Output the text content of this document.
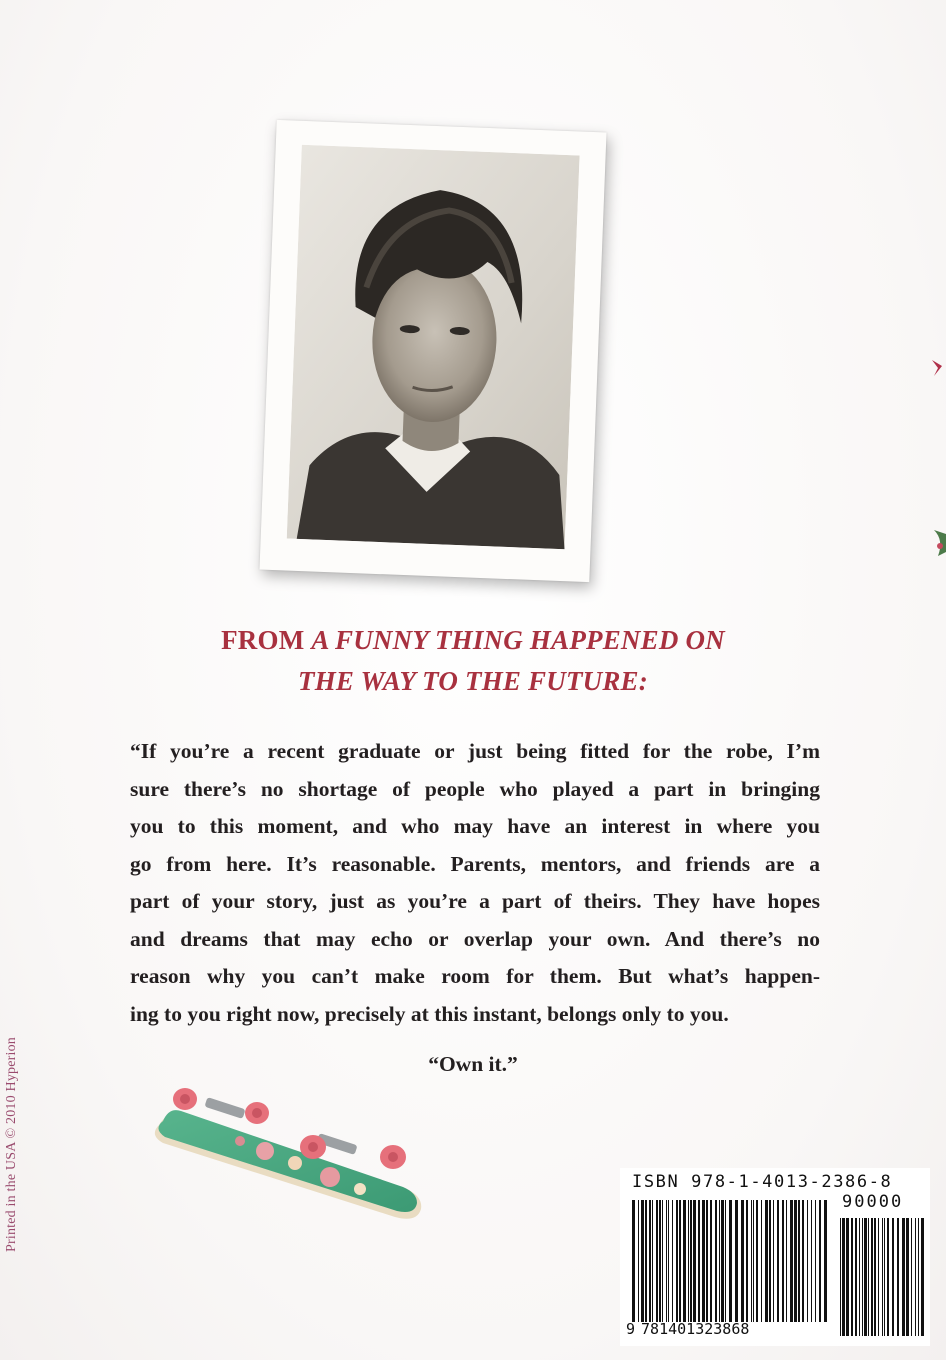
FROM A FUNNY THING HAPPENED ON
THE WAY TO THE FUTURE:
“If you’re a recent graduate or just being fitted for the robe, I’m
sure there’s no shortage of people who played a part in bringing
you to this moment, and who may have an interest in where you
go from here. It’s reasonable. Parents, mentors, and friends are a
part of your story, just as you’re a part of theirs. They have hopes
and dreams that may echo or overlap your own. And there’s no
reason why you can’t make room for them. But what’s happen-
ing to you right now, precisely at this instant, belongs only to you.
“Own it.”
Printed in the USA © 2010 Hyperion	ISBN 978-1-4013-2386-8
90000
9 781401323868
